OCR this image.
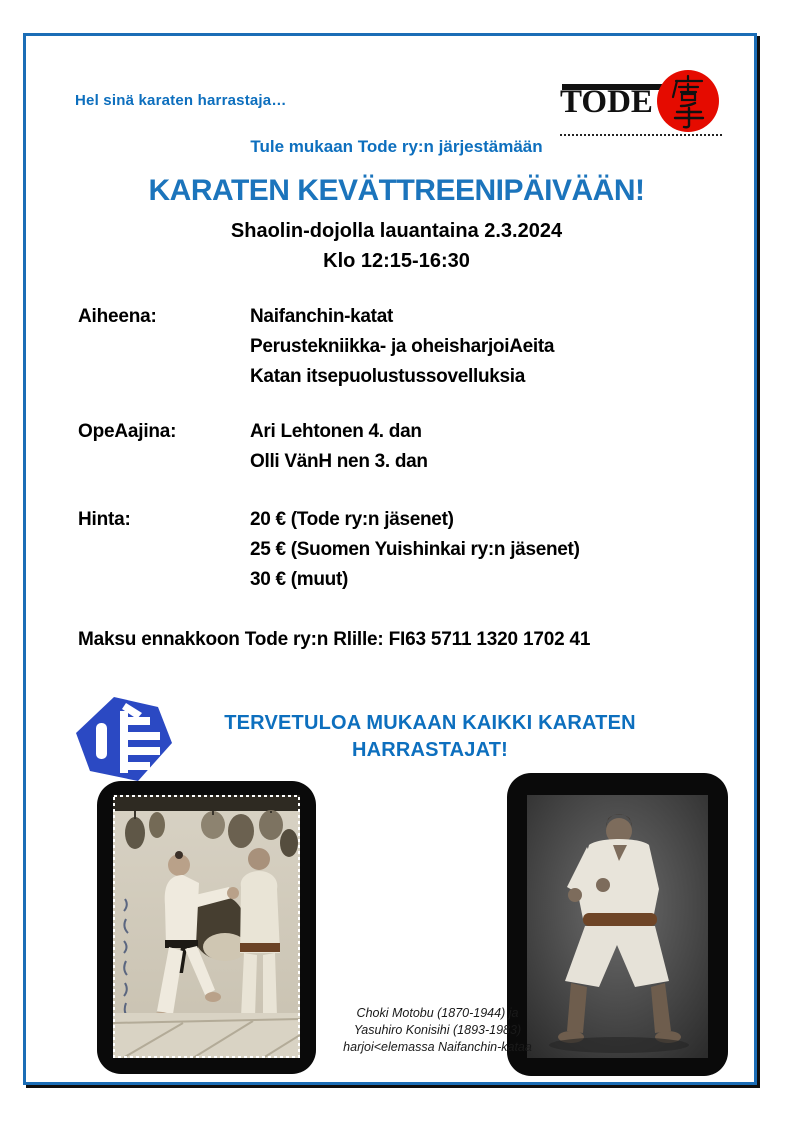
Hel sinä karaten harrastaja…	TODE
Tule mukaan Tode ry:n järjestämään
KARATEN KEVÄTTREENIPÄIVÄÄN!
Shaolin-dojolla lauantaina 2.3.2024
Klo 12:15-16:30
Aiheena:	Naifanchin-katat
Perustekniikka- ja oheisharjoiAeita
Katan itsepuolustussovelluksia
OpeAajina:	Ari Lehtonen 4. dan
Olli VänH nen 3. dan
Hinta:	20 € (Tode ry:n jäsenet)
25 € (Suomen Yuishinkai ry:n jäsenet)
30 € (muut)
Maksu ennakkoon Tode ry:n Rlille: FI63 5711 1320 1702 41
TERVETULOA MUKAAN KAIKKI KARATEN
HARRASTAJAT!
Choki Motobu (1870-1944) ja
Yasuhiro Konisihi (1893-1983)
harjoi<elemassa Naifanchin-kataa
